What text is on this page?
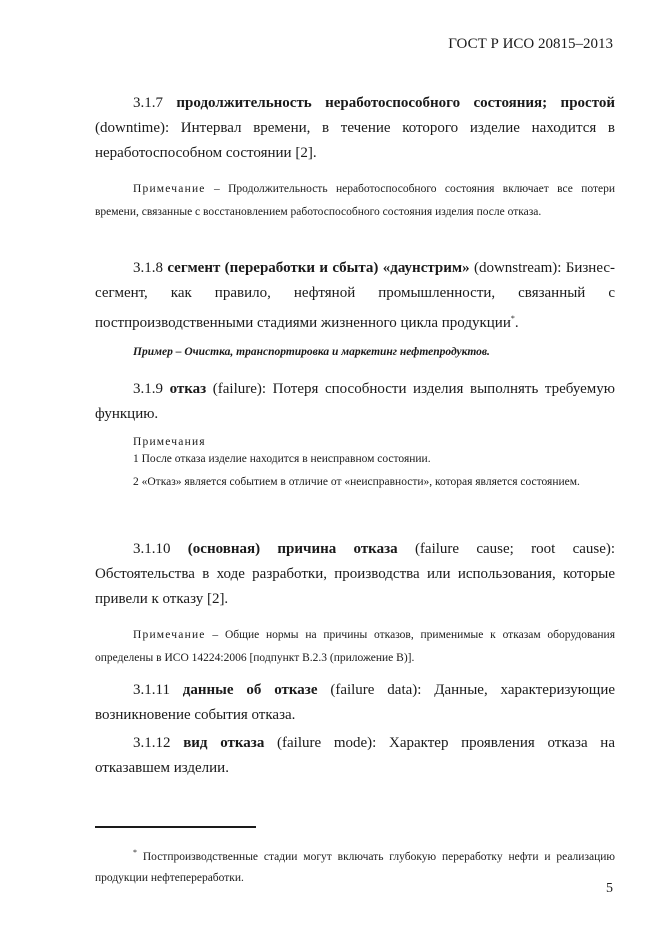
ГОСТ Р ИСО 20815–2013

3.1.7 продолжительность неработоспособного состояния; простой (downtime): Интервал времени, в течение которого изделие находится в неработоспособном состоянии [2].

Примечание – Продолжительность неработоспособного состояния включает все потери времени, связанные с восстановлением работоспособного состояния изделия после отказа.

3.1.8 сегмент (переработки и сбыта) «даунстрим» (downstream): Бизнес-сегмент, как правило, нефтяной промышленности, связанный с постпроизводственными стадиями жизненного цикла продукции*.

Пример – Очистка, транспортировка и маркетинг нефтепродуктов.

3.1.9 отказ (failure): Потеря способности изделия выполнять требуемую функцию.

Примечания

1 После отказа изделие находится в неисправном состоянии.

2 «Отказ» является событием в отличие от «неисправности», которая является состоянием.

3.1.10 (основная) причина отказа (failure cause; root cause): Обстоятельства в ходе разработки, производства или использования, которые привели к отказу [2].

Примечание – Общие нормы на причины отказов, применимые к отказам оборудования определены в ИСО 14224:2006 [подпункт В.2.3 (приложение В)].

3.1.11 данные об отказе (failure data): Данные, характеризующие возникновение события отказа.

3.1.12 вид отказа (failure mode): Характер проявления отказа на отказавшем изделии.

* Постпроизводственные стадии могут включать глубокую переработку нефти и реализацию продукции нефтепереработки.

5
